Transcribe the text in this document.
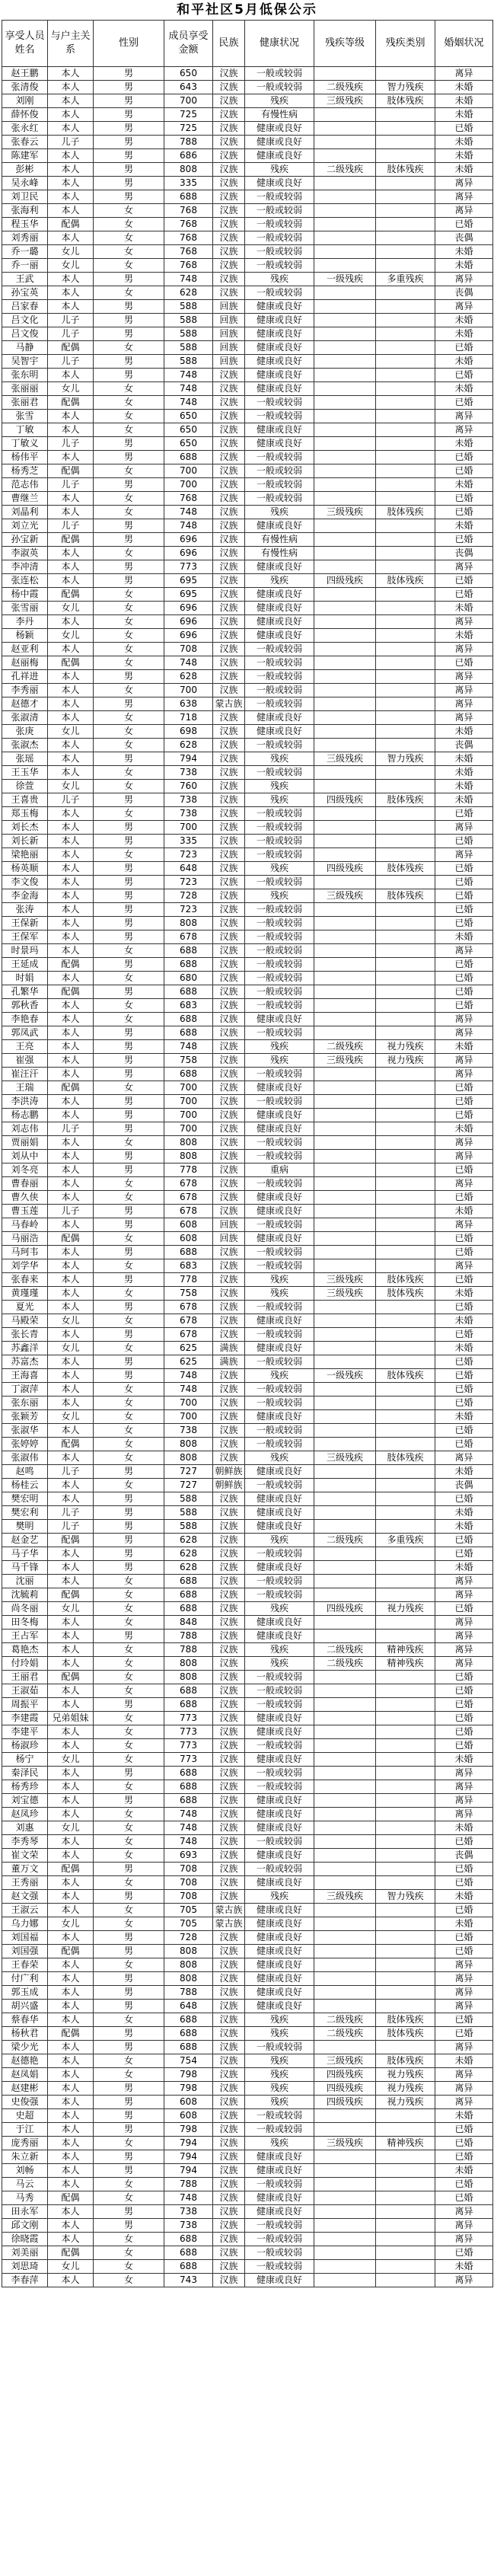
和平社区5月低保公示
享受人员姓名	与户主关系	性别	成员享受金额	民族	健康状况	残疾等级	残疾类别	婚姻状况
赵王鹏	本人	男	650	汉族	一般或较弱			离异
张清俊	本人	男	643	汉族	一般或较弱	二级残疾	智力残疾	未婚
刘刚	本人	男	700	汉族	残疾	三级残疾	肢体残疾	未婚
薛怀俊	本人	男	725	汉族	有慢性病			未婚
张永红	本人	男	725	汉族	健康或良好			已婚
张春云	儿子	男	788	汉族	健康或良好			未婚
陈建军	本人	男	686	汉族	健康或良好			未婚
彭彬	本人	男	808	汉族	残疾	二级残疾	肢体残疾	未婚
吴永峰	本人	男	335	汉族	健康或良好			离异
刘卫民	本人	男	688	汉族	一般或较弱			离异
张海利	本人	女	768	汉族	一般或较弱			离异
程玉华	配偶	女	768	汉族	一般或较弱			已婚
刘秀丽	本人	女	768	汉族	一般或较弱			丧偶
乔一璐	女儿	女	768	汉族	一般或较弱			未婚
乔一丽	女儿	女	768	汉族	一般或较弱			未婚
王武	本人	男	748	汉族	残疾	一级残疾	多重残疾	离异
孙宝英	本人	女	628	汉族	一般或较弱			丧偶
吕家春	本人	男	588	回族	健康或良好			离异
吕文化	儿子	男	588	回族	健康或良好			未婚
吕文俊	儿子	男	588	回族	健康或良好			未婚
马静	配偶	女	588	回族	健康或良好			已婚
吴智宇	儿子	男	588	回族	健康或良好			未婚
张东明	本人	男	748	汉族	健康或良好			已婚
张丽丽	女儿	女	748	汉族	健康或良好			未婚
张丽君	配偶	女	748	汉族	一般或较弱			已婚
张雪	本人	女	650	汉族	一般或较弱			离异
丁敏	本人	女	650	汉族	健康或良好			离异
丁敏义	儿子	男	650	汉族	健康或良好			未婚
杨伟平	本人	男	688	汉族	一般或较弱			已婚
杨秀芝	配偶	女	700	汉族	一般或较弱			已婚
范志伟	儿子	男	700	汉族	一般或较弱			未婚
曹继兰	本人	女	768	汉族	一般或较弱			已婚
刘晶利	本人	女	748	汉族	残疾	三级残疾	肢体残疾	已婚
刘立光	儿子	男	748	汉族	健康或良好			未婚
孙宝新	配偶	男	696	汉族	有慢性病			已婚
李淑英	本人	女	696	汉族	有慢性病			丧偶
李冲清	本人	男	773	汉族	健康或良好			离异
张连松	本人	男	695	汉族	残疾	四级残疾	肢体残疾	已婚
杨中霞	配偶	女	695	汉族	健康或良好			已婚
张雪丽	女儿	女	696	汉族	健康或良好			未婚
李丹	本人	女	696	汉族	健康或良好			离异
杨颖	女儿	女	696	汉族	健康或良好			未婚
赵亚利	本人	女	708	汉族	一般或较弱			离异
赵丽梅	配偶	女	748	汉族	一般或较弱			已婚
孔祥进	本人	男	628	汉族	一般或较弱			离异
李秀丽	本人	女	700	汉族	一般或较弱			离异
赵德才	本人	男	638	蒙古族	一般或较弱			离异
张淑清	本人	女	718	汉族	健康或良好			离异
张庚	女儿	女	698	汉族	健康或良好			未婚
张淑杰	本人	女	628	汉族	一般或较弱			丧偶
张瑶	本人	男	794	汉族	残疾	三级残疾	智力残疾	未婚
王玉华	本人	女	738	汉族	一般或较弱			未婚
徐萱	女儿	女	760	汉族	残疾			未婚
王喜贵	儿子	男	738	汉族	残疾	四级残疾	肢体残疾	未婚
郑玉梅	本人	女	738	汉族	一般或较弱			已婚
刘长杰	本人	男	700	汉族	一般或较弱			离异
刘长新	本人	男	335	汉族	一般或较弱			已婚
梁艳丽	本人	女	723	汉族	一般或较弱			离异
杨英顺	本人	男	648	汉族	残疾	四级残疾	肢体残疾	已婚
李文俊	本人	男	723	汉族	一般或较弱			已婚
李金海	本人	男	728	汉族	残疾	三级残疾	肢体残疾	已婚
张涛	本人	男	723	汉族	一般或较弱			已婚
王保新	本人	男	808	汉族	一般或较弱			已婚
王保军	本人	男	678	汉族	一般或较弱			未婚
时景玛	本人	女	688	汉族	一般或较弱			离异
王延成	配偶	男	688	汉族	一般或较弱			已婚
时娟	本人	女	680	汉族	一般或较弱			已婚
孔繁华	配偶	男	688	汉族	一般或较弱			已婚
郭秋香	本人	女	683	汉族	一般或较弱			已婚
李艳春	本人	女	688	汉族	健康或良好			离异
郭凤武	本人	男	688	汉族	一般或较弱			离异
王亮	本人	男	748	汉族	残疾	二级残疾	视力残疾	未婚
崔强	本人	男	758	汉族	残疾	三级残疾	视力残疾	离异
崔汪汗	本人	男	688	汉族	一般或较弱			离异
王瑞	配偶	女	700	汉族	健康或良好			已婚
李洪涛	本人	男	700	汉族	一般或较弱			已婚
杨志鹏	本人	男	700	汉族	健康或良好			已婚
刘志伟	儿子	男	700	汉族	健康或良好			未婚
贾丽娟	本人	女	808	汉族	一般或较弱			离异
刘从中	本人	男	808	汉族	一般或较弱			离异
刘冬亮	本人	男	778	汉族	重病			已婚
曹春丽	本人	女	678	汉族	一般或较弱			离异
曹久侠	本人	女	678	汉族	健康或良好			已婚
曹玉莲	儿子	男	678	汉族	健康或良好			未婚
马春岭	本人	男	608	回族	一般或较弱			离异
马丽浩	配偶	女	608	回族	健康或良好			已婚
马珂韦	本人	男	688	汉族	一般或较弱			已婚
刘学华	本人	女	683	汉族	一般或较弱			离异
张春来	本人	男	778	汉族	残疾	三级残疾	肢体残疾	已婚
黄瑾瑾	本人	女	758	汉族	残疾	三级残疾	肢体残疾	未婚
夏光	本人	男	678	汉族	一般或较弱			已婚
马殿荣	女儿	女	678	汉族	健康或良好			未婚
张长青	本人	男	678	汉族	一般或较弱			已婚
苏鑫洋	女儿	女	625	满族	健康或良好			未婚
苏富杰	本人	男	625	满族	一般或较弱			已婚
王海喜	本人	男	748	汉族	残疾	一级残疾	肢体残疾	已婚
丁淑萍	本人	女	748	汉族	一般或较弱			已婚
张东丽	本人	女	700	汉族	一般或较弱			已婚
张颖芳	女儿	女	700	汉族	健康或良好			未婚
张淑华	本人	女	738	汉族	一般或较弱			已婚
张婷婷	配偶	女	808	汉族	一般或较弱			已婚
张淑伟	本人	女	808	汉族	残疾	三级残疾	肢体残疾	离异
赵鸣	儿子	男	727	朝鲜族	健康或良好			未婚
杨桂云	本人	女	727	朝鲜族	一般或较弱			丧偶
樊宏明	本人	男	588	汉族	健康或良好			已婚
樊宏利	儿子	男	588	汉族	健康或良好			未婚
樊明	儿子	男	588	汉族	健康或良好			未婚
赵金艺	配偶	男	628	汉族	残疾	二级残疾	多重残疾	已婚
马子华	本人	男	628	汉族	一般或较弱			已婚
马千锋	本人	男	628	汉族	健康或良好			未婚
沈丽	本人	女	688	汉族	一般或较弱			离异
沈毓莉	配偶	女	688	汉族	一般或较弱			离异
尚冬丽	女儿	女	688	汉族	残疾	四级残疾	视力残疾	已婚
田冬梅	本人	女	848	汉族	健康或良好			离异
王占军	本人	男	788	汉族	健康或良好			离异
葛艳杰	本人	女	788	汉族	残疾	二级残疾	精神残疾	离异
付玲娟	本人	女	808	汉族	残疾	二级残疾	精神残疾	离异
王丽君	配偶	女	808	汉族	一般或较弱			已婚
王淑茹	本人	女	688	汉族	一般或较弱			已婚
周振平	本人	男	688	汉族	一般或较弱			已婚
李建霞	兄弟姐妹	女	773	汉族	健康或良好			已婚
李建平	本人	女	773	汉族	健康或良好			已婚
杨淑珍	本人	女	773	汉族	一般或较弱			已婚
杨宁	女儿	女	773	汉族	健康或良好			未婚
秦泽民	本人	男	688	汉族	一般或较弱			离异
杨秀珍	本人	女	688	汉族	一般或较弱			离异
刘宝德	本人	男	688	汉族	健康或良好			离异
赵凤珍	本人	女	748	汉族	健康或良好			离异
刘惠	女儿	女	748	汉族	健康或良好			未婚
李秀琴	本人	女	748	汉族	一般或较弱			已婚
崔文荣	本人	女	693	汉族	健康或良好			丧偶
董万文	配偶	男	708	汉族	一般或较弱			已婚
王秀丽	本人	女	708	汉族	健康或良好			已婚
赵文强	本人	男	708	汉族	残疾	三级残疾	智力残疾	未婚
王淑云	本人	女	705	蒙古族	健康或良好			已婚
乌力娜	女儿	女	705	蒙古族	健康或良好			未婚
刘国福	本人	男	728	汉族	健康或良好			已婚
刘国强	配偶	男	808	汉族	健康或良好			已婚
王春荣	本人	女	808	汉族	健康或良好			离异
付广利	本人	男	808	汉族	健康或良好			离异
郭玉成	本人	男	788	汉族	健康或良好			离异
胡兴盛	本人	男	648	汉族	健康或良好			离异
蔡春华	本人	女	688	汉族	残疾	二级残疾	肢体残疾	已婚
杨秋君	配偶	男	688	汉族	残疾	二级残疾	肢体残疾	已婚
梁少光	本人	男	688	汉族	一般或较弱			离异
赵德艳	本人	女	754	汉族	残疾	三级残疾	肢体残疾	未婚
赵凤娟	本人	女	798	汉族	残疾	四级残疾	视力残疾	离异
赵建彬	本人	男	798	汉族	残疾	四级残疾	视力残疾	离异
史俊强	本人	男	608	汉族	残疾	四级残疾	视力残疾	离异
史超	本人	男	608	汉族	一般或较弱			未婚
于江	本人	男	798	汉族	一般或较弱			已婚
庞秀丽	本人	女	794	汉族	残疾	三级残疾	精神残疾	已婚
朱立新	本人	男	794	汉族	健康或良好			已婚
刘畅	本人	男	794	汉族	健康或良好			未婚
马云	本人	女	788	汉族	一般或较弱			已婚
马秀	配偶	女	748	汉族	健康或良好			已婚
田永军	本人	男	738	汉族	健康或良好			离异
邱文刚	本人	男	738	汉族	一般或较弱			离异
徐晓霞	本人	女	688	汉族	一般或较弱			离异
刘美丽	配偶	女	688	汉族	一般或较弱			已婚
刘思琦	女儿	女	688	汉族	一般或较弱			未婚
李春萍	本人	女	743	汉族	健康或良好			离异
